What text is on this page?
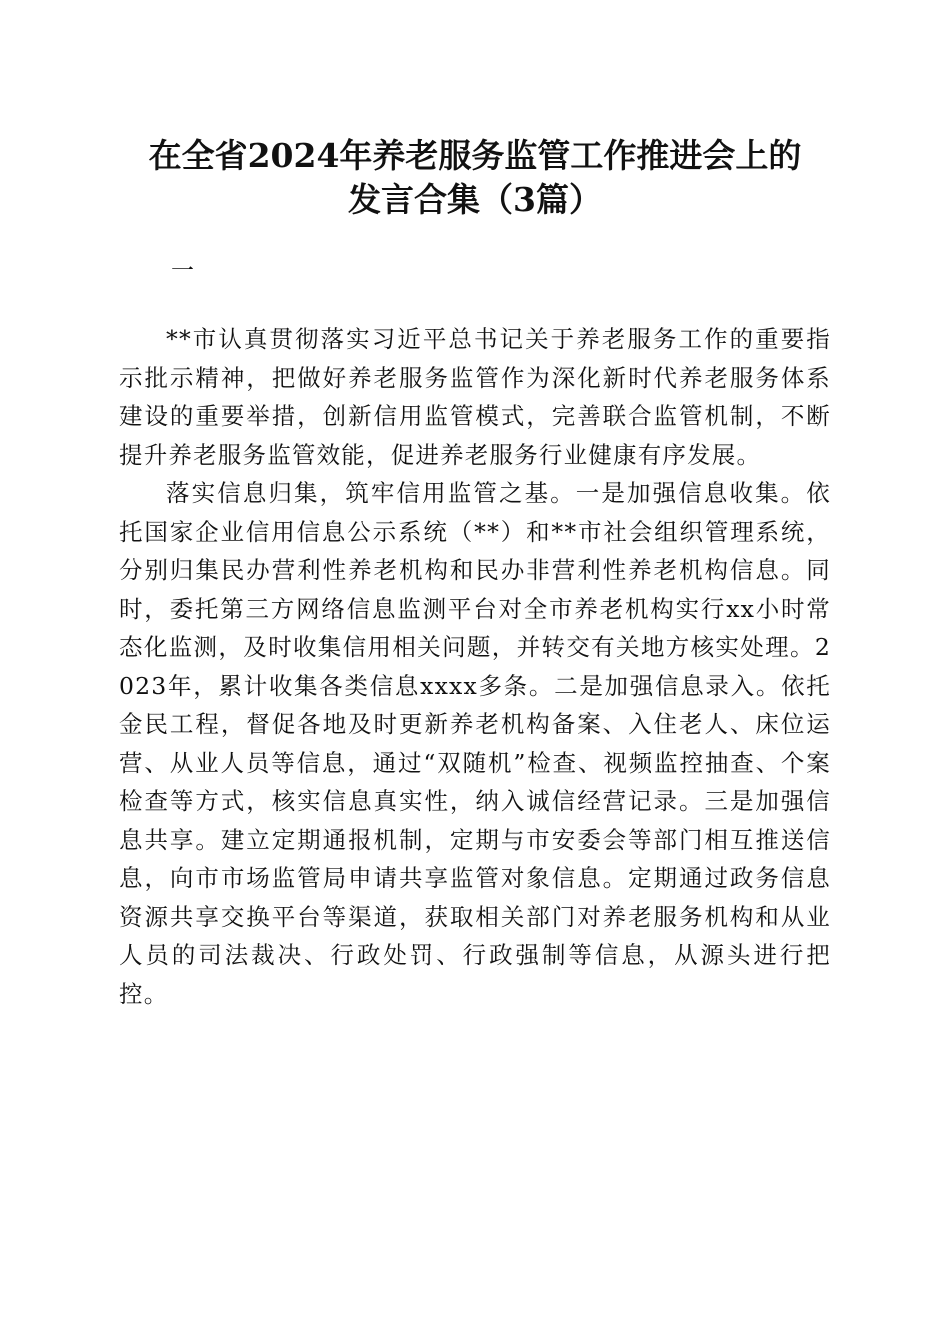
在全省2024年养老服务监管工作推进会上的
发言合集（3篇）
一

**市认真贯彻落实习近平总书记关于养老服务工作的重要指示批示精神，把做好养老服务监管作为深化新时代养老服务体系建设的重要举措，创新信用监管模式，完善联合监管机制，不断提升养老服务监管效能，促进养老服务行业健康有序发展。

落实信息归集，筑牢信用监管之基。一是加强信息收集。依托国家企业信用信息公示系统（**）和**市社会组织管理系统，分别归集民办营利性养老机构和民办非营利性养老机构信息。同时，委托第三方网络信息监测平台对全市养老机构实行xx小时常态化监测，及时收集信用相关问题，并转交有关地方核实处理。2023年，累计收集各类信息xxxx多条。二是加强信息录入。依托金民工程，督促各地及时更新养老机构备案、入住老人、床位运营、从业人员等信息，通过“双随机”检查、视频监控抽查、个案检查等方式，核实信息真实性，纳入诚信经营记录。三是加强信息共享。建立定期通报机制，定期与市安委会等部门相互推送信息，向市市场监管局申请共享监管对象信息。定期通过政务信息资源共享交换平台等渠道，获取相关部门对养老服务机构和从业人员的司法裁决、行政处罚、行政强制等信息，从源头进行把控。
